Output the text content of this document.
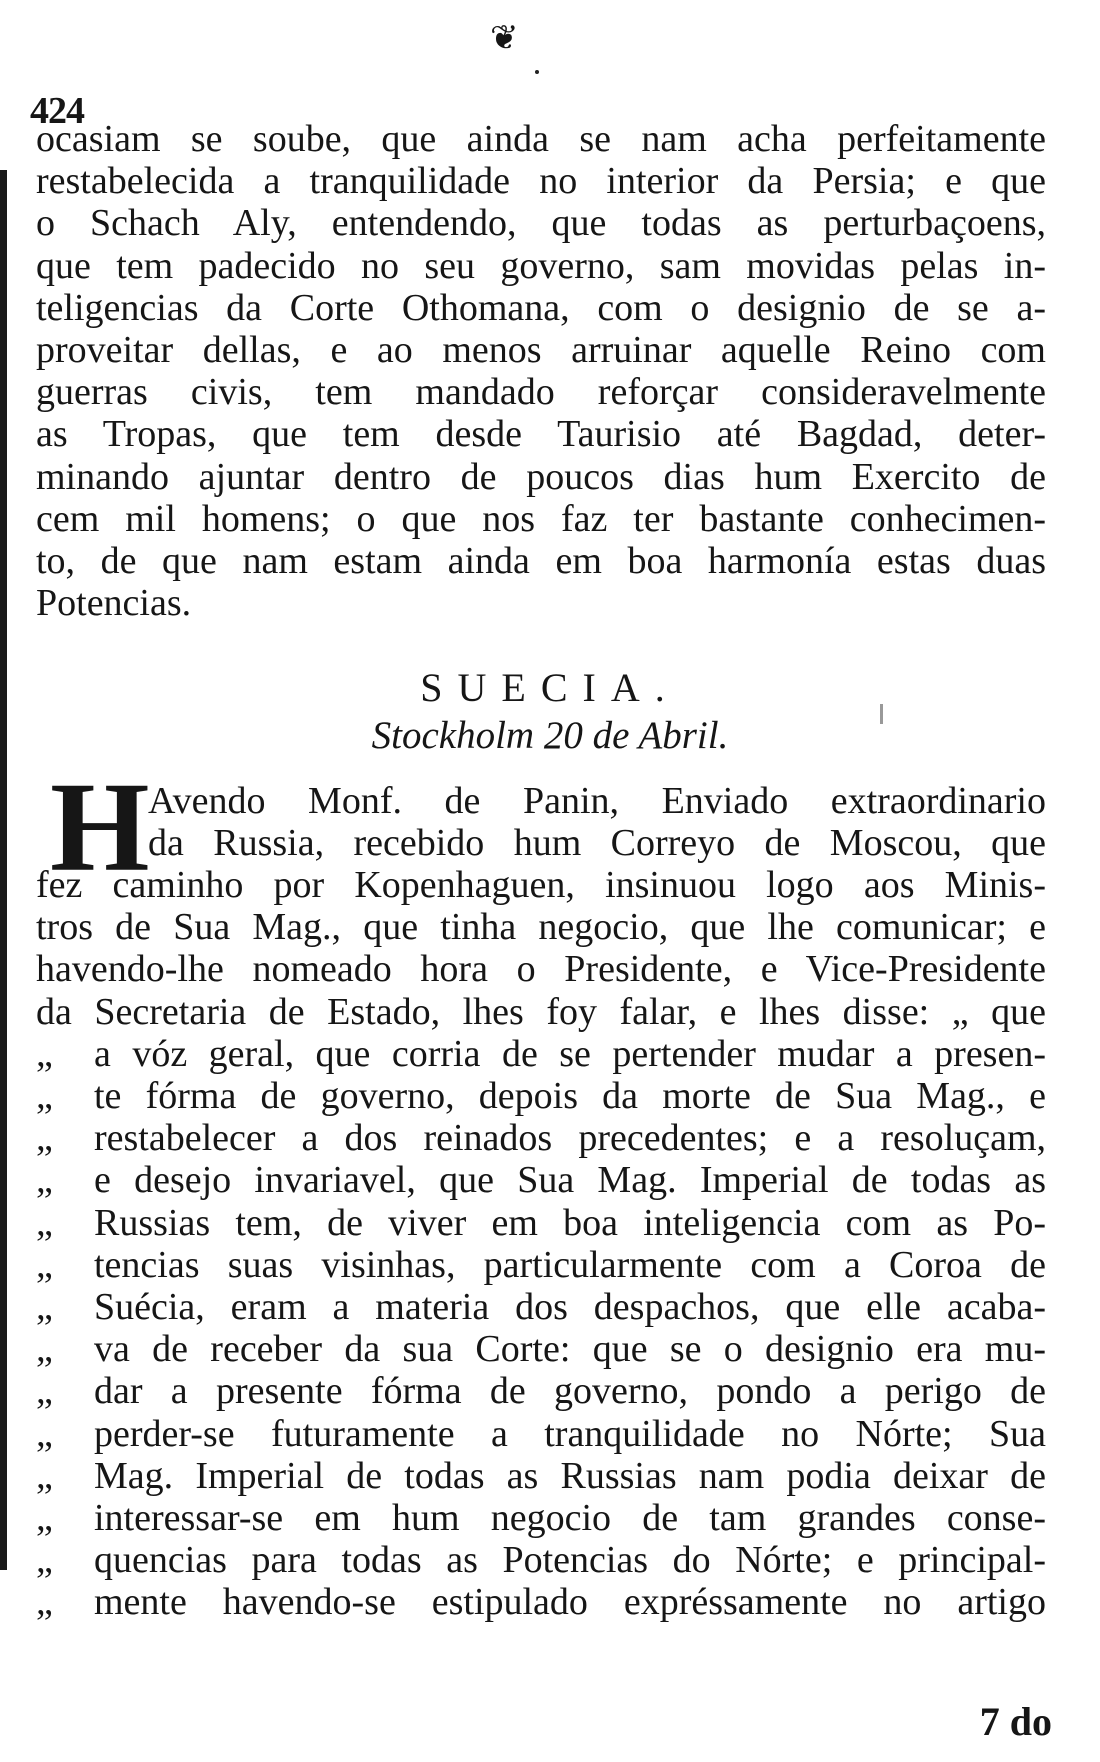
❦
424
ocasiam se soube, que ainda se nam acha perfeitamente
restabelecida a tranquilidade no interior da Persia; e que
o Schach Aly, entendendo, que todas as perturbaçoens,
que tem padecido no seu governo, sam movidas pelas in-
teligencias da Corte Othomana, com o designio de se a-
proveitar dellas, e ao menos arruinar aquelle Reino com
guerras civis, tem mandado reforçar consideravelmente
as Tropas, que tem desde Taurisio até Bagdad, deter-
minando ajuntar dentro de poucos dias hum Exercito de
cem mil homens; o que nos faz ter bastante conhecimen-
to, de que nam estam ainda em boa harmonía estas duas
Potencias.
SUECIA.
Stockholm 20 de Abril.
H
Avendo Monf. de Panin, Enviado extraordinario
da Russia, recebido hum Correyo de Moscou, que
fez caminho por Kopenhaguen, insinuou logo aos Minis-
tros de Sua Mag., que tinha negocio, que lhe comunicar; e
havendo-lhe nomeado hora o Presidente, e Vice-Presidente
da Secretaria de Estado, lhes foy falar, e lhes disse: „ que
„	a vóz geral, que corria de se pertender mudar a presen-
„	te fórma de governo, depois da morte de Sua Mag., e
„	restabelecer a dos reinados precedentes; e a resoluçam,
„	e desejo invariavel, que Sua Mag. Imperial de todas as
„	Russias tem, de viver em boa inteligencia com as Po-
„	tencias suas visinhas, particularmente com a Coroa de
„	Suécia, eram a materia dos despachos, que elle acaba-
„	va de receber da sua Corte: que se o designio era mu-
„	dar a presente fórma de governo, pondo a perigo de
„	perder-se futuramente a tranquilidade no Nórte; Sua
„	Mag. Imperial de todas as Russias nam podia deixar de
„	interessar-se em hum negocio de tam grandes conse-
„	quencias para todas as Potencias do Nórte; e principal-
„	mente havendo-se estipulado expréssamente no artigo
7 do
